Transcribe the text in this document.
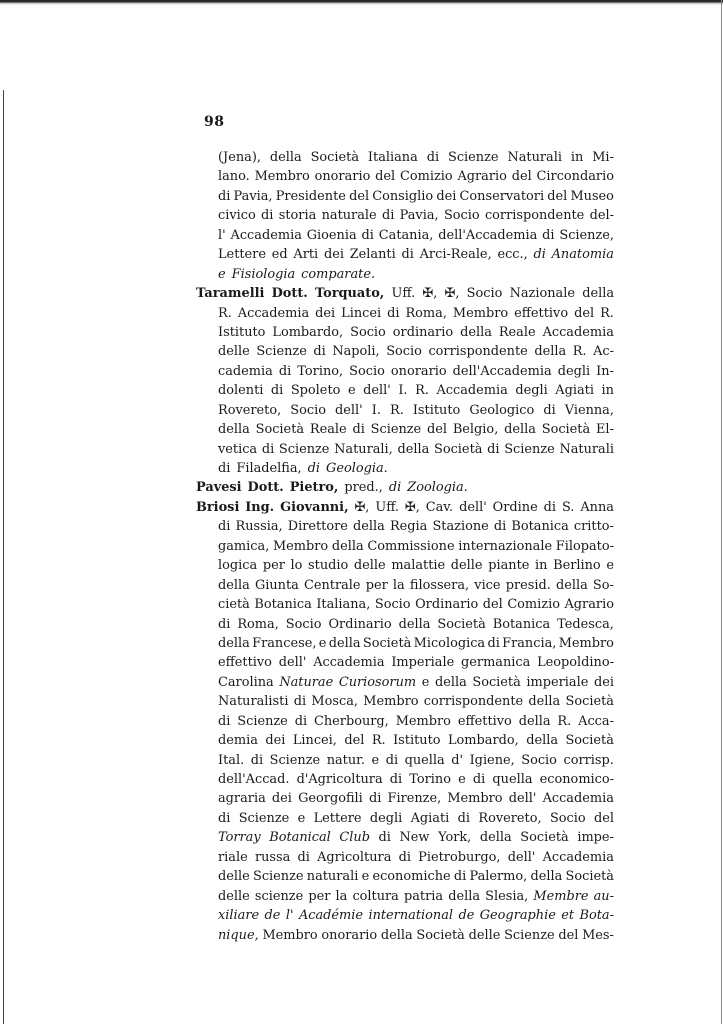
98
(Jena), della Società Italiana di Scienze Naturali in Mi-
lano. Membro onorario del Comizio Agrario del Circondario
di Pavia, Presidente del Consiglio dei Conservatori del Museo
civico di storia naturale di Pavia, Socio corrispondente del-
l' Accademia Gioenia di Catania, dell'Accademia di Scienze,
Lettere ed Arti dei Zelanti di Arci-Reale, ecc., di Anatomia
e Fisiologia comparate.
Taramelli Dott. Torquato, Uff. ✠, ✠, Socio Nazionale della
R. Accademia dei Lincei di Roma, Membro effettivo del R.
Istituto Lombardo, Socio ordinario della Reale Accademia
delle Scienze di Napoli, Socio corrispondente della R. Ac-
cademia di Torino, Socio onorario dell'Accademia degli In-
dolenti di Spoleto e dell' I. R. Accademia degli Agiati in
Rovereto, Socio dell' I. R. Istituto Geologico di Vienna,
della Società Reale di Scienze del Belgio, della Società El-
vetica di Scienze Naturali, della Società di Scienze Naturali
di Filadelfia, di Geologia.
Pavesi Dott. Pietro, pred., di Zoologia.
Briosi Ing. Giovanni, ✠, Uff. ✠, Cav. dell' Ordine di S. Anna
di Russia, Direttore della Regia Stazione di Botanica critto-
gamica, Membro della Commissione internazionale Filopato-
logica per lo studio delle malattie delle piante in Berlino e
della Giunta Centrale per la filossera, vice presid. della So-
cietà Botanica Italiana, Socio Ordinario del Comizio Agrario
di Roma, Socio Ordinario della Società Botanica Tedesca,
della Francese, e della Società Micologica di Francia, Membro
effettivo dell' Accademia Imperiale germanica Leopoldino-
Carolina Naturae Curiosorum e della Società imperiale dei
Naturalisti di Mosca, Membro corrispondente della Società
di Scienze di Cherbourg, Membro effettivo della R. Acca-
demia dei Lincei, del R. Istituto Lombardo, della Società
Ital. di Scienze natur. e di quella d' Igiene, Socio corrisp.
dell'Accad. d'Agricoltura di Torino e di quella economico-
agraria dei Georgofili di Firenze, Membro dell' Accademia
di Scienze e Lettere degli Agiati di Rovereto, Socio del
Torray Botanical Club di New York, della Società impe-
riale russa di Agricoltura di Pietroburgo, dell' Accademia
delle Scienze naturali e economiche di Palermo, della Società
delle scienze per la coltura patria della Slesia, Membre au-
xiliare de l' Académie international de Geographie et Bota-
nique, Membro onorario della Società delle Scienze del Mes-
